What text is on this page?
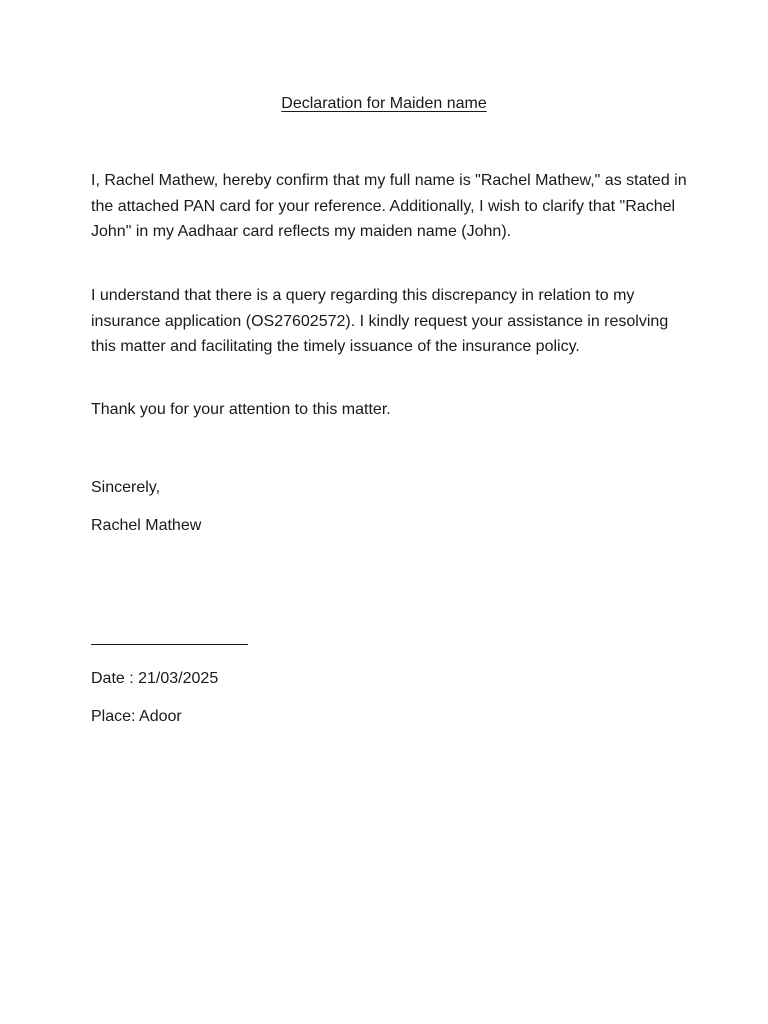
Declaration for Maiden name

I, Rachel Mathew, hereby confirm that my full name is "Rachel Mathew," as stated in the attached PAN card for your reference. Additionally, I wish to clarify that "Rachel John" in my Aadhaar card reflects my maiden name (John).

I understand that there is a query regarding this discrepancy in relation to my insurance application (OS27602572). I kindly request your assistance in resolving this matter and facilitating the timely issuance of the insurance policy.

Thank you for your attention to this matter.

Sincerely,
Rachel Mathew
Date : 21/03/2025
Place: Adoor
